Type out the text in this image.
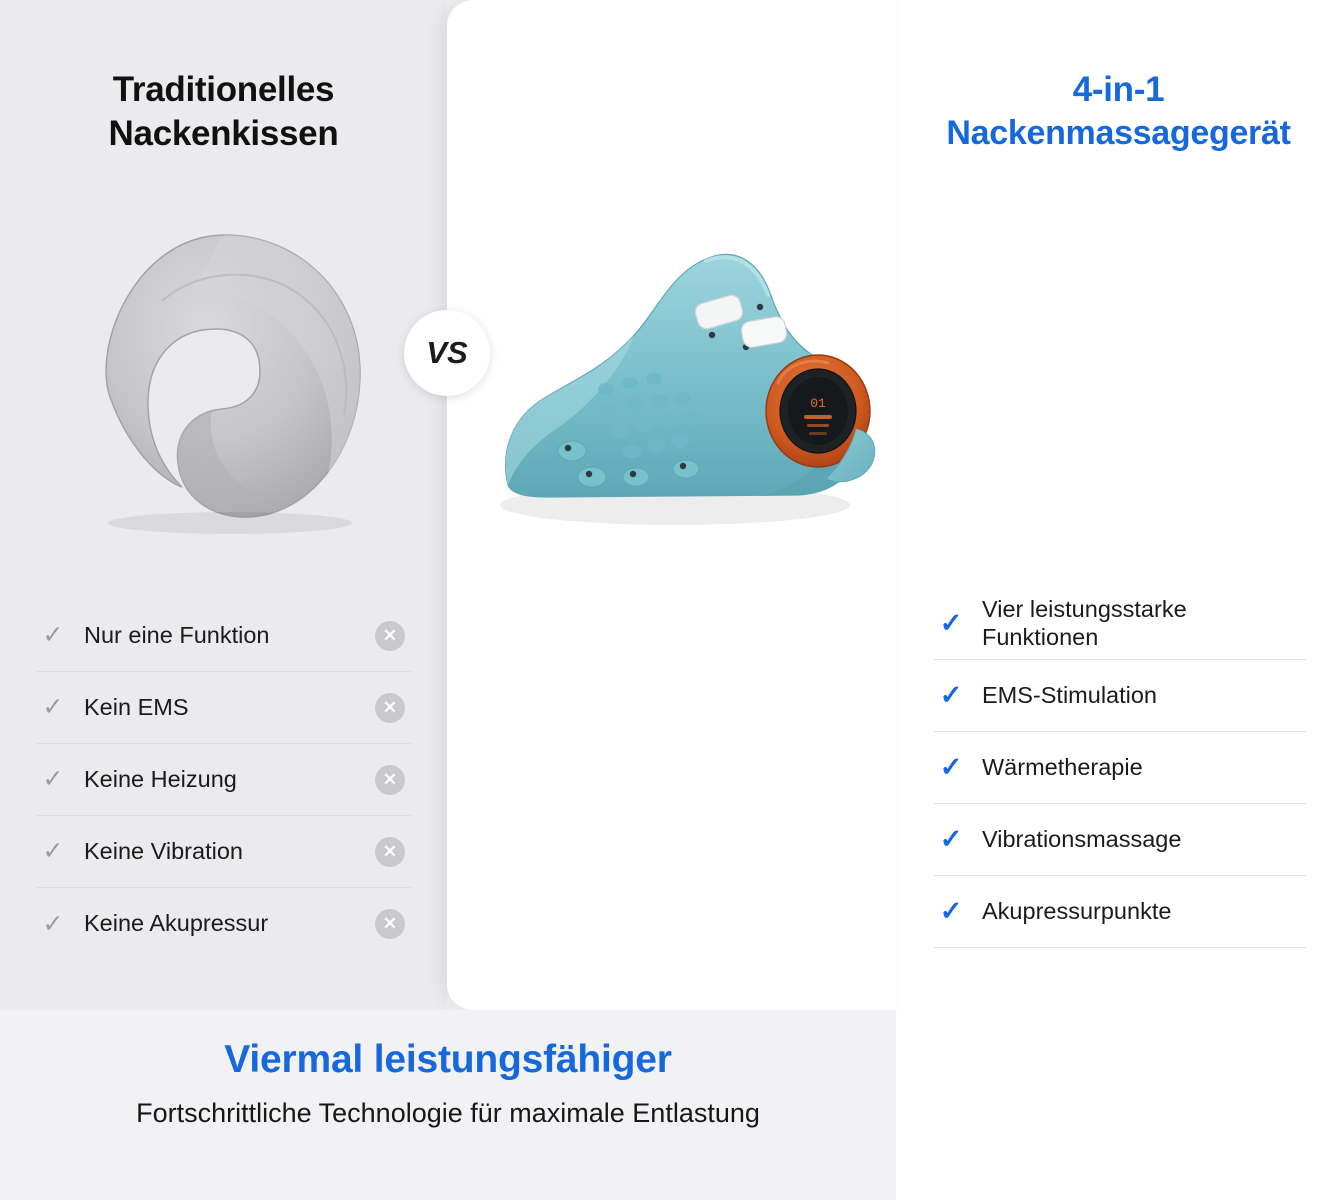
Traditionelles
Nackenkissen
✓ Nur eine Funktion	✕
✓ Kein EMS	✕
✓ Keine Heizung	✕
✓ Keine Vibration	✕
✓ Keine Akupressur	✕
4-in-1
Nackenmassagegerät
✓ Vier leistungsstarke Funktionen
✓ EMS-Stimulation
✓ Wärmetherapie
✓ Vibrationsmassage
✓ Akupressurpunkte
01
VS
Viermal leistungsfähiger
Fortschrittliche Technologie für maximale Entlastung
